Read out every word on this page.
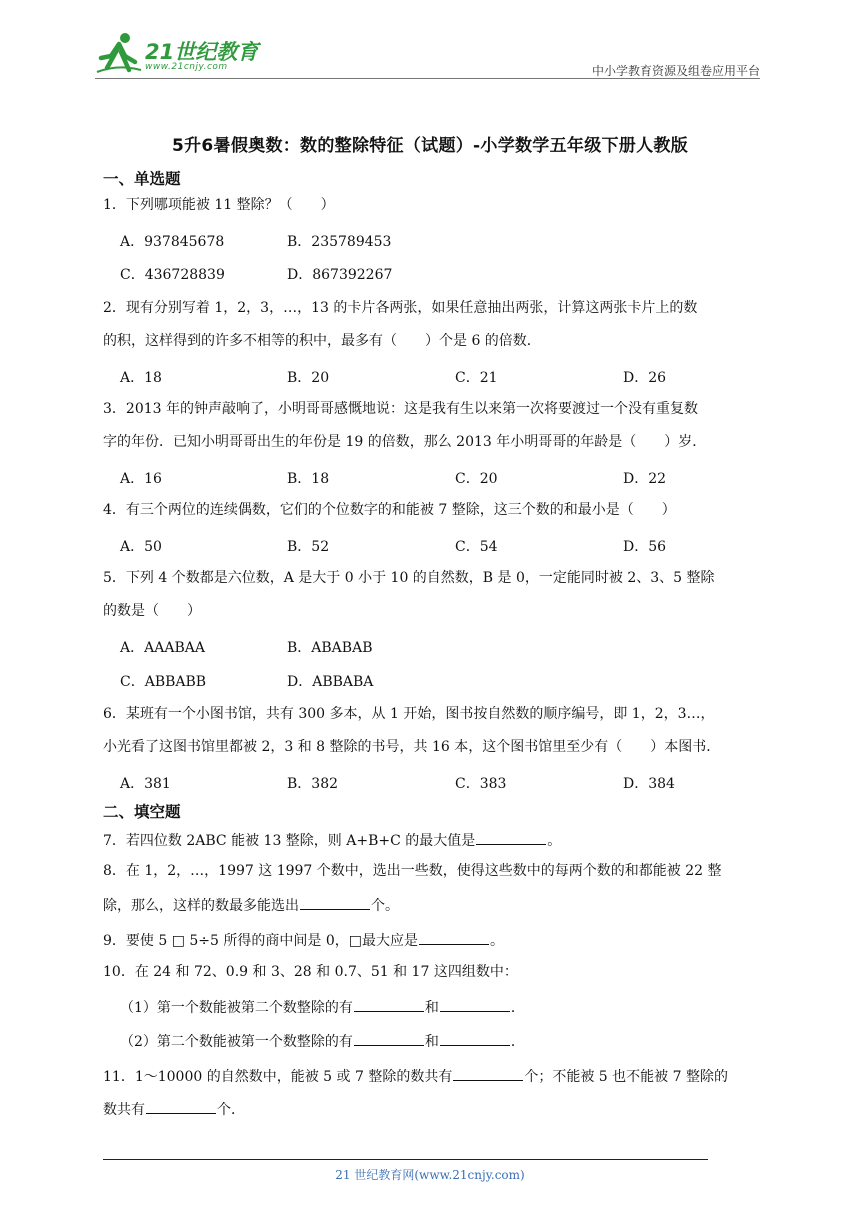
21世纪教育
www.21cnjy.com	中小学教育资源及组卷应用平台
5升6暑假奥数：数的整除特征（试题）-小学数学五年级下册人教版
一、单选题
1．下列哪项能被 11 整除？（　　）
A．937845678	B．235789453
C．436728839	D．867392267
2．现有分别写着 1，2，3，…，13 的卡片各两张，如果任意抽出两张，计算这两张卡片上的数
的积，这样得到的许多不相等的积中，最多有（　　）个是 6 的倍数．
A．18	B．20	C．21	D．26
3．2013 年的钟声敲响了，小明哥哥感慨地说：这是我有生以来第一次将要渡过一个没有重复数
字的年份．已知小明哥哥出生的年份是 19 的倍数，那么 2013 年小明哥哥的年龄是（　　）岁．
A．16	B．18	C．20	D．22
4．有三个两位的连续偶数，它们的个位数字的和能被 7 整除，这三个数的和最小是（　　）
A．50	B．52	C．54	D．56
5．下列 4 个数都是六位数，A 是大于 0 小于 10 的自然数，B 是 0，一定能同时被 2、3、5 整除
的数是（　　）
A．AAABAA	B．ABABAB
C．ABBABB	D．ABBABA
6．某班有一个小图书馆，共有 300 多本，从 1 开始，图书按自然数的顺序编号，即 1，2，3…，
小光看了这图书馆里都被 2，3 和 8 整除的书号，共 16 本，这个图书馆里至少有（　　）本图书．
A．381	B．382	C．383	D．384
二、填空题
7．若四位数 2ABC 能被 13 整除，则 A+B+C 的最大值是	。
8．在 1，2，…，1997 这 1997 个数中，选出一些数，使得这些数中的每两个数的和都能被 22 整
除，那么，这样的数最多能选出	个。
9．要使 5 □ 5÷5 所得的商中间是 0，□最大应是	。
10．在 24 和 72、0.9 和 3、28 和 0.7、51 和 17 这四组数中：
（1）第一个数能被第二个数整除的有	和	．
（2）第二个数能被第一个数整除的有	和	．
11．1～10000 的自然数中，能被 5 或 7 整除的数共有	个；不能被 5 也不能被 7 整除的
数共有	个．
21 世纪教育网(www.21cnjy.com)
